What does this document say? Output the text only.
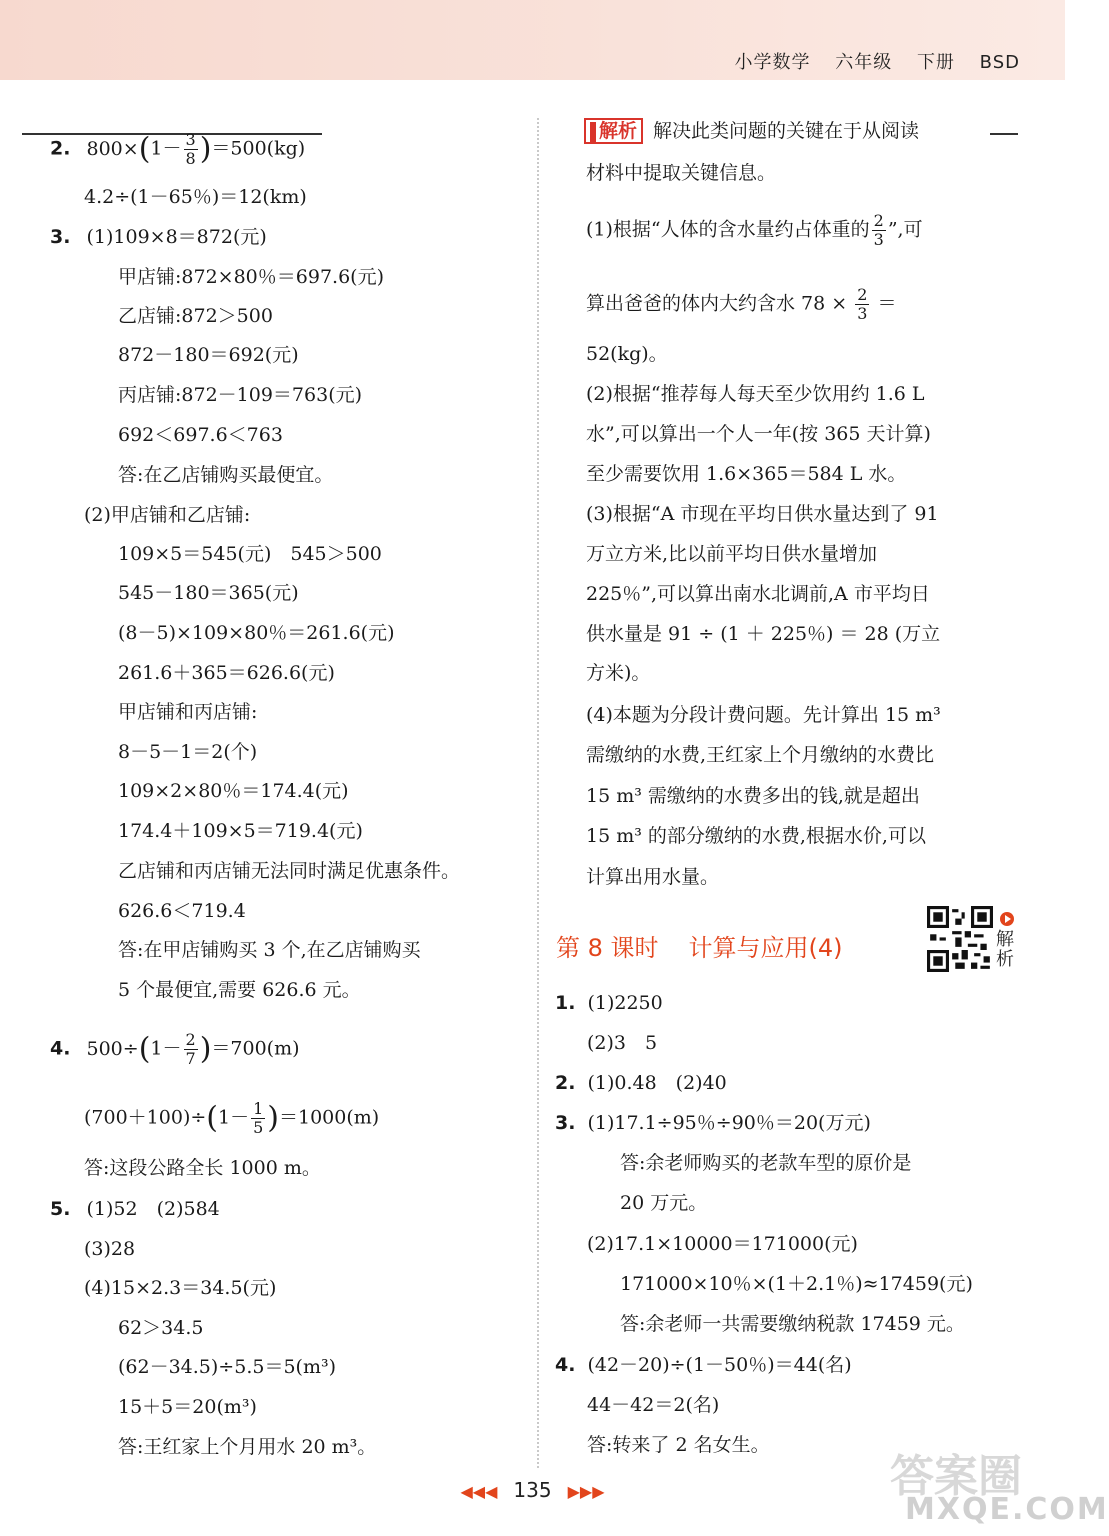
小学数学 六年级 下册 BSD
2. $800\times(1- \frac{3}{8} )=500(kg)$
4.2÷(1－65％)＝12(km)
3. (1)109×8＝872(元)
甲店铺:872×80％＝697.6(元)
乙店铺:872＞500
872－180＝692(元)
丙店铺:872－109＝763(元)
692＜697.6＜763
答:在乙店铺购买最便宜。
(2)甲店铺和乙店铺:
109×5＝545(元)　545＞500
545－180＝365(元)
(8－5)×109×80％＝261.6(元)
261.6＋365＝626.6(元)
甲店铺和丙店铺:
8－5－1＝2(个)
109×2×80％＝174.4(元)
174.4＋109×5＝719.4(元)
乙店铺和丙店铺无法同时满足优惠条件。
626.6＜719.4
答:在甲店铺购买 3 个,在乙店铺购买
5 个最便宜,需要 626.6 元。
4. $500\div(1- \frac{2}{7} )=700(m)$
$(700+100)\div(1- \frac{1}{5} )=1000(m)$
答:这段公路全长 1000 m。
5. (1)52　(2)584
(3)28
(4)15×2.3＝34.5(元)
62＞34.5
(62－34.5)÷5.5＝5(m³)
15＋5＝20(m³)
答:王红家上个月用水 20 m³。
解析 解决此类问题的关键在于从阅读
材料中提取关键信息。
(1)根据“人体的含水量约占体重的 $\frac{2}{3}$ ”,可
算出爸爸的体内大约含水 $78 \times \frac{2}{3}$ ＝
52(kg)。
(2)根据“推荐每人每天至少饮用约 1.6 L
水”,可以算出一个人一年(按 365 天计算)
至少需要饮用 1.6×365＝584 L 水。
(3)根据“A 市现在平均日供水量达到了 91
万立方米,比以前平均日供水量增加
225％”,可以算出南水北调前,A 市平均日
供水量是 91 ÷ (1 ＋ 225％) ＝ 28 (万立
方米)。
(4)本题为分段计费问题。先计算出 15 m³
需缴纳的水费,王红家上个月缴纳的水费比
15 m³ 需缴纳的水费多出的钱,就是超出
15 m³ 的部分缴纳的水费,根据水价,可以
计算出用水量。
第 8 课时 计算与应用(4)	解析
1. (1)2250
(2)3　5
2. (1)0.48　(2)40
3. (1)17.1÷95％÷90％＝20(万元)
答:余老师购买的老款车型的原价是
20 万元。
(2)17.1×10000＝171000(元)
171000×10％×(1＋2.1％)≈17459(元)
答:余老师一共需要缴纳税款 17459 元。
4. (42－20)÷(1－50％)＝44(名)
44－42＝2(名)
答:转来了 2 名女生。
答案圈
MXQE.COM
◀◀◀ 135 ▶▶▶
